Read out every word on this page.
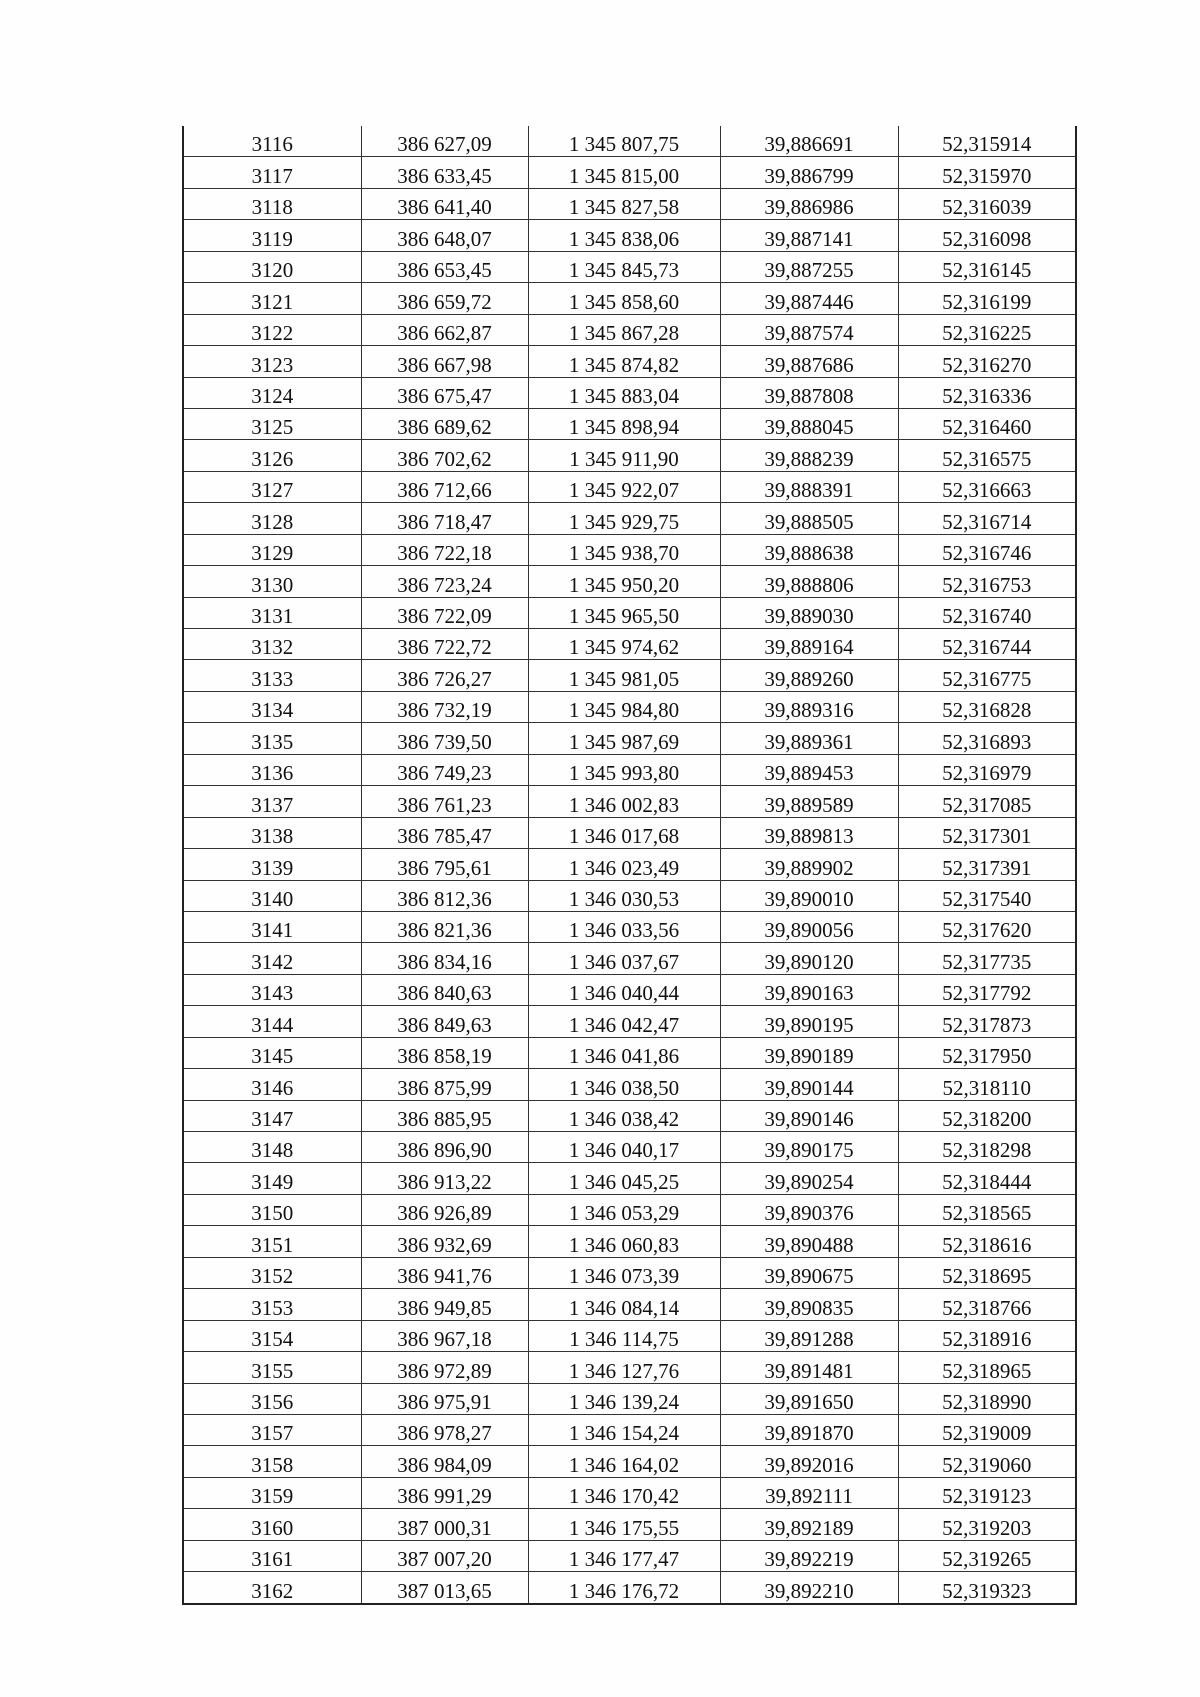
3116	386 627,09	1 345 807,75	39,886691	52,315914
3117	386 633,45	1 345 815,00	39,886799	52,315970
3118	386 641,40	1 345 827,58	39,886986	52,316039
3119	386 648,07	1 345 838,06	39,887141	52,316098
3120	386 653,45	1 345 845,73	39,887255	52,316145
3121	386 659,72	1 345 858,60	39,887446	52,316199
3122	386 662,87	1 345 867,28	39,887574	52,316225
3123	386 667,98	1 345 874,82	39,887686	52,316270
3124	386 675,47	1 345 883,04	39,887808	52,316336
3125	386 689,62	1 345 898,94	39,888045	52,316460
3126	386 702,62	1 345 911,90	39,888239	52,316575
3127	386 712,66	1 345 922,07	39,888391	52,316663
3128	386 718,47	1 345 929,75	39,888505	52,316714
3129	386 722,18	1 345 938,70	39,888638	52,316746
3130	386 723,24	1 345 950,20	39,888806	52,316753
3131	386 722,09	1 345 965,50	39,889030	52,316740
3132	386 722,72	1 345 974,62	39,889164	52,316744
3133	386 726,27	1 345 981,05	39,889260	52,316775
3134	386 732,19	1 345 984,80	39,889316	52,316828
3135	386 739,50	1 345 987,69	39,889361	52,316893
3136	386 749,23	1 345 993,80	39,889453	52,316979
3137	386 761,23	1 346 002,83	39,889589	52,317085
3138	386 785,47	1 346 017,68	39,889813	52,317301
3139	386 795,61	1 346 023,49	39,889902	52,317391
3140	386 812,36	1 346 030,53	39,890010	52,317540
3141	386 821,36	1 346 033,56	39,890056	52,317620
3142	386 834,16	1 346 037,67	39,890120	52,317735
3143	386 840,63	1 346 040,44	39,890163	52,317792
3144	386 849,63	1 346 042,47	39,890195	52,317873
3145	386 858,19	1 346 041,86	39,890189	52,317950
3146	386 875,99	1 346 038,50	39,890144	52,318110
3147	386 885,95	1 346 038,42	39,890146	52,318200
3148	386 896,90	1 346 040,17	39,890175	52,318298
3149	386 913,22	1 346 045,25	39,890254	52,318444
3150	386 926,89	1 346 053,29	39,890376	52,318565
3151	386 932,69	1 346 060,83	39,890488	52,318616
3152	386 941,76	1 346 073,39	39,890675	52,318695
3153	386 949,85	1 346 084,14	39,890835	52,318766
3154	386 967,18	1 346 114,75	39,891288	52,318916
3155	386 972,89	1 346 127,76	39,891481	52,318965
3156	386 975,91	1 346 139,24	39,891650	52,318990
3157	386 978,27	1 346 154,24	39,891870	52,319009
3158	386 984,09	1 346 164,02	39,892016	52,319060
3159	386 991,29	1 346 170,42	39,892111	52,319123
3160	387 000,31	1 346 175,55	39,892189	52,319203
3161	387 007,20	1 346 177,47	39,892219	52,319265
3162	387 013,65	1 346 176,72	39,892210	52,319323
